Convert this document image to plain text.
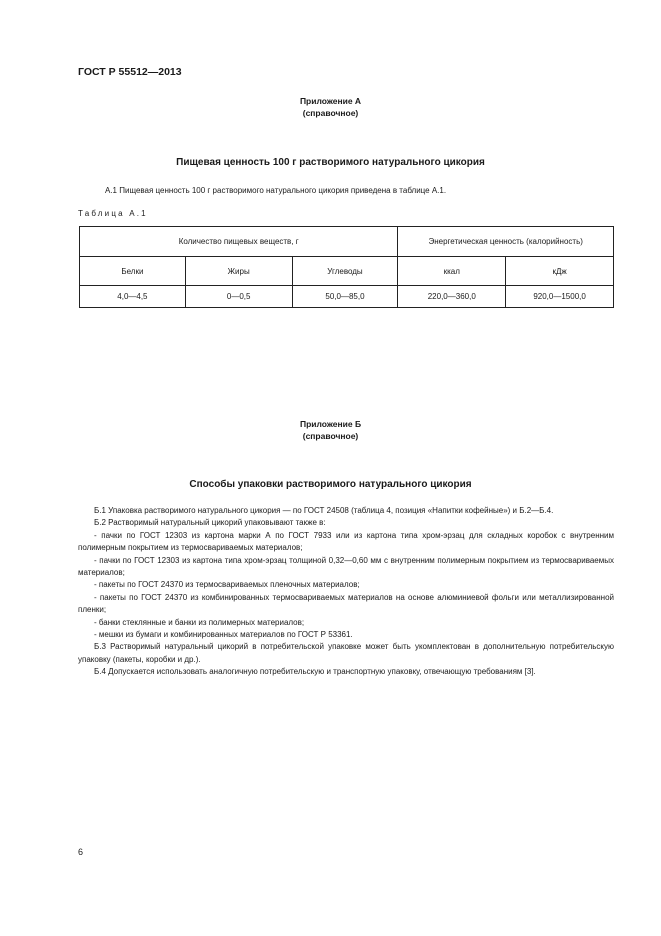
ГОСТ Р 55512—2013
Приложение А
(справочное)
Пищевая ценность 100 г растворимого натурального цикория
А.1 Пищевая ценность 100 г растворимого натурального цикория приведена в таблице А.1.
Таблица А.1
Количество пищевых веществ, г			Энергетическая ценность (калорийность)	
Белки	Жиры	Углеводы	ккал	кДж
4,0—4,5	0—0,5	50,0—85,0	220,0—360,0	920,0—1500,0
Приложение Б
(справочное)
Способы упаковки растворимого натурального цикория

Б.1 Упаковка растворимого натурального цикория — по ГОСТ 24508 (таблица 4, позиция «Напитки кофейные») и Б.2—Б.4.

Б.2 Растворимый натуральный цикорий упаковывают также в:

- пачки по ГОСТ 12303 из картона марки А по ГОСТ 7933 или из картона типа хром-эрзац для складных коробок с внутренним полимерным покрытием из термосвариваемых материалов;

- пачки по ГОСТ 12303 из картона типа хром-эрзац толщиной 0,32—0,60 мм с внутренним полимерным покрытием из термосвариваемых материалов;

- пакеты по ГОСТ 24370 из термосвариваемых пленочных материалов;

- пакеты по ГОСТ 24370 из комбинированных термосвариваемых материалов на основе алюминиевой фольги или металлизированной пленки;

- банки стеклянные и банки из полимерных материалов;

- мешки из бумаги и комбинированных материалов по ГОСТ Р 53361.

Б.3 Растворимый натуральный цикорий в потребительской упаковке может быть укомплектован в дополнительную потребительскую упаковку (пакеты, коробки и др.).

Б.4 Допускается использовать аналогичную потребительскую и транспортную упаковку, отвечающую требованиям [3].

6
